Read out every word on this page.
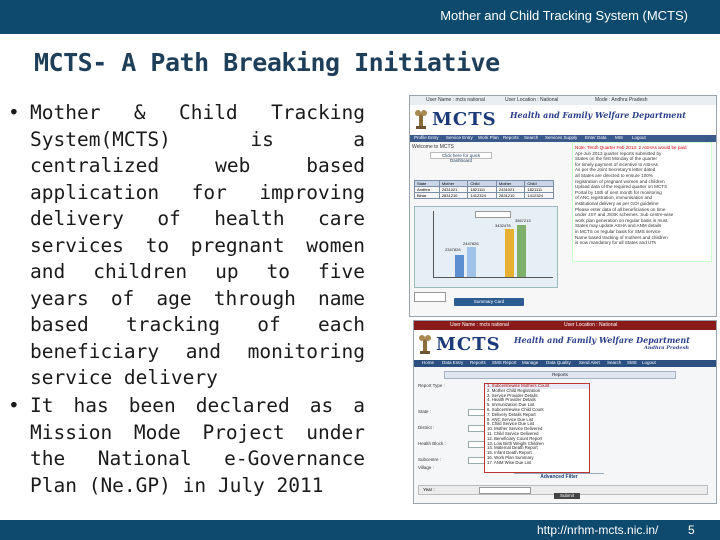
Mother and Child Tracking System (MCTS)
MCTS- A Path Breaking Initiative
• Mother & Child Tracking System(MCTS) is a centralized web based application for improving delivery of health care services to pregnant women and children up to five years of age through name based tracking of each beneficiary and monitoring service delivery
• It has been declared as a Mission Mode Project under the National e-Governance Plan (Ne.GP) in July 2011
User Name : mcts national	User Location : National	Mode : Andhra Pradesh
MCTS Health and Family Welfare Department
Profile Entry Service Entry Work Plan Reports Search Services Supply Enter Data MIS Logout
Welcome to MCTS
Click here for quick Dashboard
State	Mother	Child	Mother	Child
Andhra	2431021	1821111	2431021	1821111
Bihar	2831210	1412324	2831210	1412324
2347826
2447826
3432478
3567213
Summary Card
Note: Tenth Quarter Feb 2013: 2 ASHAs would be paid
Apr-Jun 2013 quarter reports submitted by
States on the first Monday of the quarter
for timely payment of incentive to ASHAs
As per the Joint Secretary's letter dated
all States are directed to ensure 100%
registration of pregnant women and children
Upload data of the required quarter on MCTS
Portal by 15th of next month for monitoring
of ANC registration, immunisation and
institutional delivery as per GOI guideline
Please enter data of all beneficiaries on time
under JSY and JSSK schemes. Sub centre-wise
work plan generation on regular basis is must.
States may update ASHA and ANM details
in MCTS on regular basis for SMS service
Name based tracking of mothers and children
is now mandatory for all States and UTs
User Name : mcts national	User Location : National
MCTS Health and Family Welfare Department
Andhra Pradesh
Home Data Entry Reports SMS Report Manage Data Quality Send Alert Search SMS Logout
Reports
Report Type :
State :
District :
Health Block :
Subcentre :
Village :
1. Subcentrewise Mothers Count
2. Mother Child Registration
3. Service Provider Details
4. Health Provider Details
5. Immunization Due List
6. Subcentrewise Child Count
7. Delivery Details Report
8. ANC Service Due List
9. Child Service Due List
10. Mother Service Delivered
11. Child Service Delivered
12. Beneficiary Count Report
13. Low Birth Weight Children
14. Maternal Death Report
15. Infant Death Report
16. Work Plan Summary
17. ANM Wise Due List
Advanced Filter
Year :
Submit
http://nrhm-mcts.nic.in/ 5
